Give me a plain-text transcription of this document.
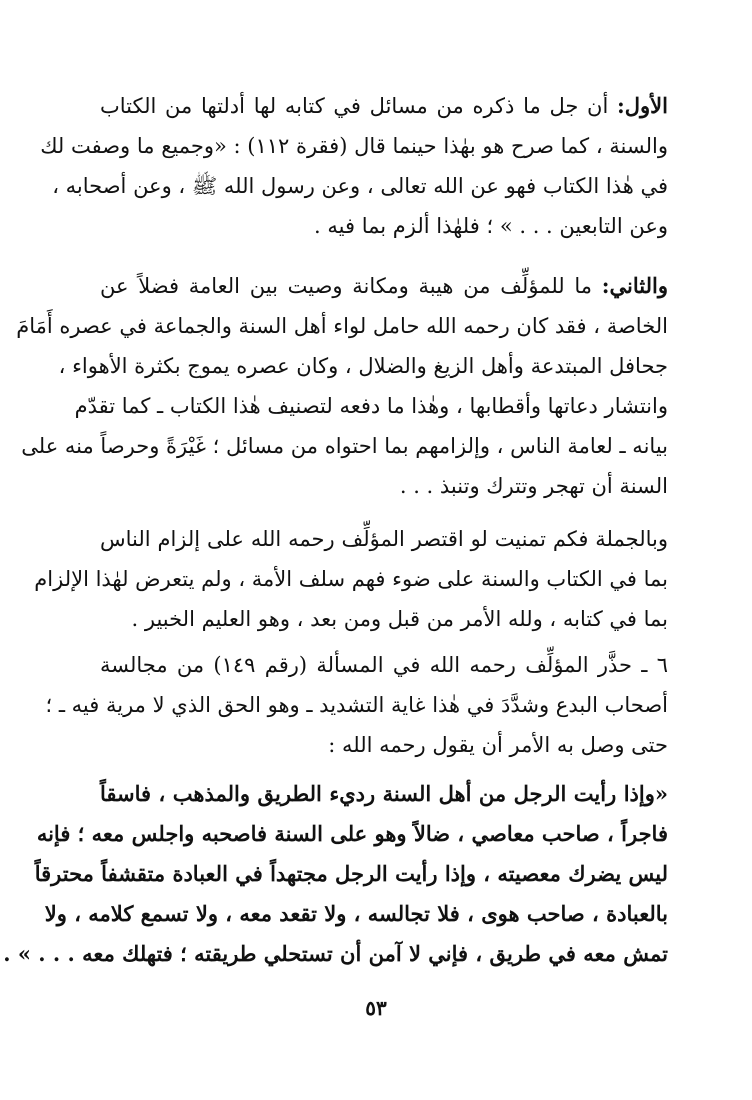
الأول: أن جل ما ذكره من مسائل في كتابه لها أدلتها من الكتاب
والسنة ، كما صرح هو بهٰذا حينما قال (فقرة ١١٢) : «وجميع ما وصفت لك
في هٰذا الكتاب فهو عن الله تعالى ، وعن رسول الله ﷺ ، وعن أصحابه ،
وعن التابعين . . . » ؛ فلهٰذا ألزم بما فيه .
والثاني: ما للمؤلِّف من هيبة ومكانة وصيت بين العامة فضلاً عن
الخاصة ، فقد كان رحمه الله حامل لواء أهل السنة والجماعة في عصره أَمَامَ
جحافل المبتدعة وأهل الزيغ والضلال ، وكان عصره يموج بكثرة الأهواء ،
وانتشار دعاتها وأقطابها ، وهٰذا ما دفعه لتصنيف هٰذا الكتاب ـ كما تقدّم
بيانه ـ لعامة الناس ، وإلزامهم بما احتواه من مسائل ؛ غَيْرَةً وحرصاً منه على
السنة أن تهجر وتترك وتنبذ . . .
وبالجملة فكم تمنيت لو اقتصر المؤلِّف رحمه الله على إلزام الناس
بما في الكتاب والسنة على ضوء فهم سلف الأمة ، ولم يتعرض لهٰذا الإلزام
بما في كتابه ، ولله الأمر من قبل ومن بعد ، وهو العليم الخبير .
٦ ـ حذَّر المؤلِّف رحمه الله في المسألة (رقم ١٤٩) من مجالسة
أصحاب البدع وشدَّدَ في هٰذا غاية التشديد ـ وهو الحق الذي لا مرية فيه ـ ؛
حتى وصل به الأمر أن يقول رحمه الله :
«وإذا رأيت الرجل من أهل السنة رديء الطريق والمذهب ، فاسقاً
فاجراً ، صاحب معاصي ، ضالاً وهو على السنة فاصحبه واجلس معه ؛ فإنه
ليس يضرك معصيته ، وإذا رأيت الرجل مجتهداً في العبادة متقشفاً محترقاً
بالعبادة ، صاحب هوى ، فلا تجالسه ، ولا تقعد معه ، ولا تسمع كلامه ، ولا
تمش معه في طريق ، فإني لا آمن أن تستحلي طريقته ؛ فتهلك معه . . . » .
٥٣
